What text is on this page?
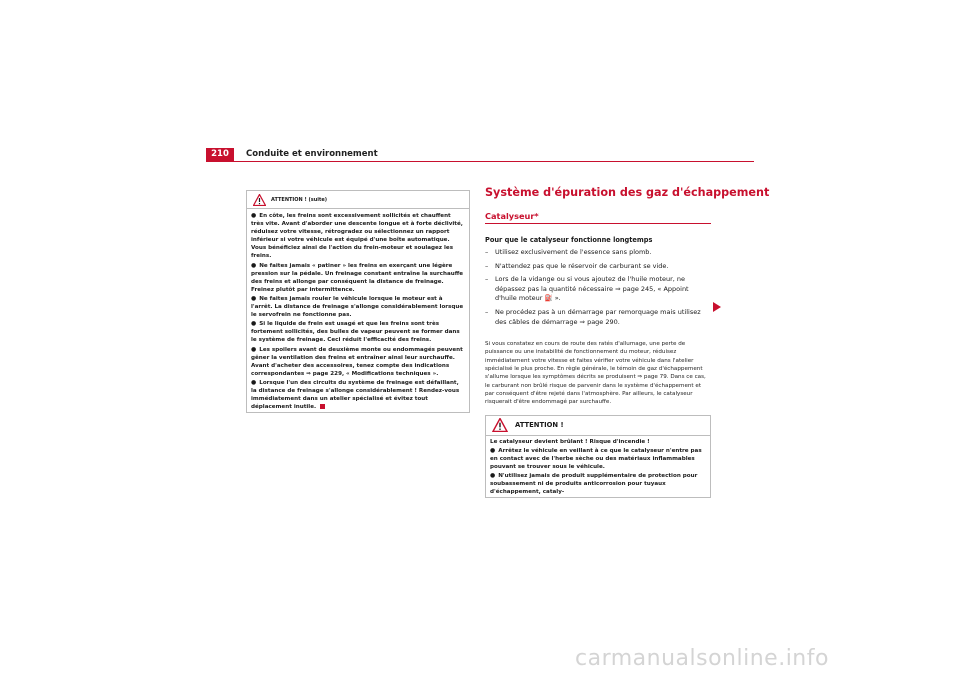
210	Conduite et environnement
ATTENTION ! (suite)

● En côte, les freins sont excessivement sollicités et chauffent très vite. Avant d'aborder une descente longue et à forte déclivité, réduisez votre vitesse, rétrogradez ou sélectionnez un rapport inférieur si votre véhicule est équipé d'une boîte automatique. Vous bénéficiez ainsi de l'action du frein-moteur et soulagez les freins.

● Ne faites jamais « patiner » les freins en exerçant une légère pression sur la pédale. Un freinage constant entraîne la surchauffe des freins et allonge par conséquent la distance de freinage. Freinez plutôt par intermittence.

● Ne faites jamais rouler le véhicule lorsque le moteur est à l'arrêt. La distance de freinage s'allonge considérablement lorsque le servofrein ne fonctionne pas.

● Si le liquide de frein est usagé et que les freins sont très fortement sollicités, des bulles de vapeur peuvent se former dans le système de freinage. Ceci réduit l'efficacité des freins.

● Les spoilers avant de deuxième monte ou endommagés peuvent gêner la ventilation des freins et entraîner ainsi leur surchauffe. Avant d'acheter des accessoires, tenez compte des indications correspondantes ⇒ page 229, « Modifications techniques ».

● Lorsque l'un des circuits du système de freinage est défaillant, la distance de freinage s'allonge considérablement ! Rendez-vous immédiatement dans un atelier spécialisé et évitez tout déplacement inutile.

Système d'épuration des gaz d'échappement
Catalyseur*
Pour que le catalyseur fonctionne longtemps
–	Utilisez exclusivement de l'essence sans plomb.
–	N'attendez pas que le réservoir de carburant se vide.
–	Lors de la vidange ou si vous ajoutez de l'huile moteur, ne dépassez pas la quantité nécessaire ⇒ page 245, « Appoint d'huile moteur ⛽ ».
–	Ne procédez pas à un démarrage par remorquage mais utilisez des câbles de démarrage ⇒ page 290.
Si vous constatez en cours de route des ratés d'allumage, une perte de puissance ou une instabilité de fonctionnement du moteur, réduisez immédiatement votre vitesse et faites vérifier votre véhicule dans l'atelier spécialisé le plus proche. En règle générale, le témoin de gaz d'échappement s'allume lorsque les symptômes décrits se produisent ⇒ page 79. Dans ce cas, le carburant non brûlé risque de parvenir dans le système d'échappement et par conséquent d'être rejeté dans l'atmosphère. Par ailleurs, le catalyseur risquerait d'être endommagé par surchauffe.
ATTENTION !

Le catalyseur devient brûlant ! Risque d'incendie !

● Arrêtez le véhicule en veillant à ce que le catalyseur n'entre pas en contact avec de l'herbe sèche ou des matériaux inflammables pouvant se trouver sous le véhicule.

● N'utilisez jamais de produit supplémentaire de protection pour soubassement ni de produits anticorrosion pour tuyaux d'échappement, cataly-

carmanualsonline.info
